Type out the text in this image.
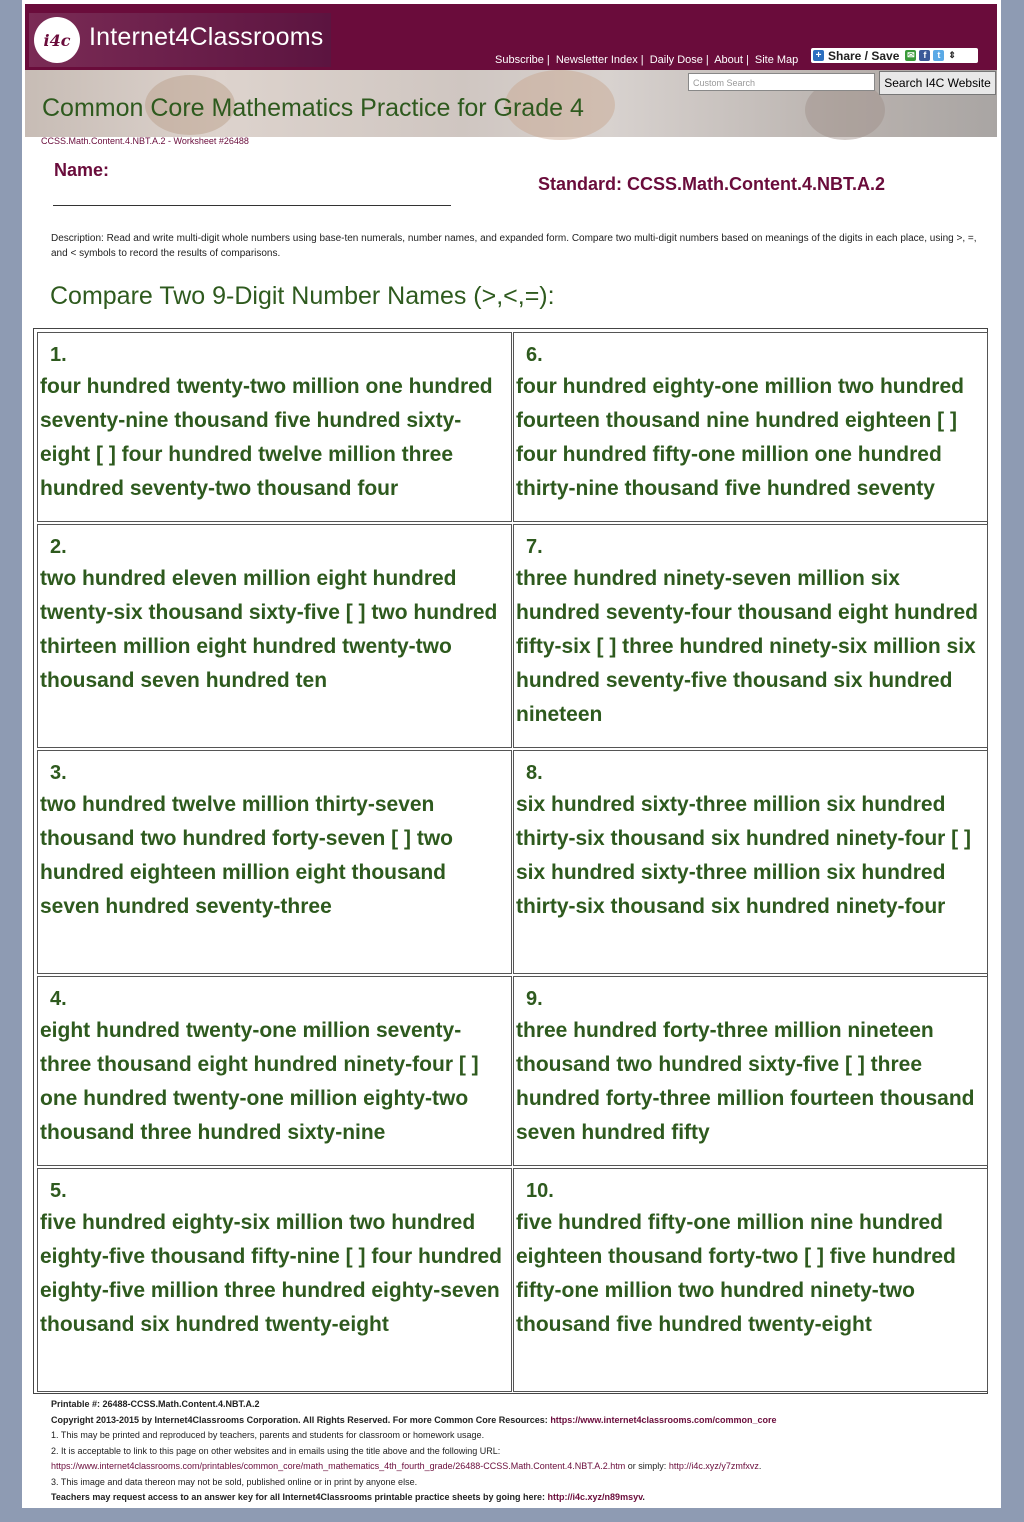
i4c Internet4Classrooms
Subscribe | Newsletter Index | Daily Dose | About | Site Map + Share / Save ✉ f	t ⇕
Custom Search	Search I4C Website
Common Core Mathematics Practice for Grade 4
CCSS.Math.Content.4.NBT.A.2 - Worksheet #26488
Name:
Standard: CCSS.Math.Content.4.NBT.A.2
Description: Read and write multi-digit whole numbers using base-ten numerals, number names, and expanded form. Compare two multi-digit numbers based on meanings of the digits in each place, using >, =, and < symbols to record the results of comparisons.
Compare Two 9-Digit Number Names (>,<,=):
1.
four hundred twenty-two million one hundred seventy-nine thousand five hundred sixty-eight [ ] four hundred twelve million three hundred seventy-two thousand four
6.
four hundred eighty-one million two hundred fourteen thousand nine hundred eighteen [ ] four hundred fifty-one million one hundred thirty-nine thousand five hundred seventy
2.
two hundred eleven million eight hundred twenty-six thousand sixty-five [ ] two hundred thirteen million eight hundred twenty-two thousand seven hundred ten
7.
three hundred ninety-seven million six hundred seventy-four thousand eight hundred fifty-six [ ] three hundred ninety-six million six hundred seventy-five thousand six hundred nineteen
3.
two hundred twelve million thirty-seven thousand two hundred forty-seven [ ] two hundred eighteen million eight thousand seven hundred seventy-three
8.
six hundred sixty-three million six hundred thirty-six thousand six hundred ninety-four [ ] six hundred sixty-three million six hundred thirty-six thousand six hundred ninety-four
4.
eight hundred twenty-one million seventy-three thousand eight hundred ninety-four [ ] one hundred twenty-one million eighty-two thousand three hundred sixty-nine
9.
three hundred forty-three million nineteen thousand two hundred sixty-five [ ] three hundred forty-three million fourteen thousand seven hundred fifty
5.
five hundred eighty-six million two hundred eighty-five thousand fifty-nine [ ] four hundred eighty-five million three hundred eighty-seven thousand six hundred twenty-eight
10.
five hundred fifty-one million nine hundred eighteen thousand forty-two [ ] five hundred fifty-one million two hundred ninety-two thousand five hundred twenty-eight
Printable #: 26488-CCSS.Math.Content.4.NBT.A.2
Copyright 2013-2015 by Internet4Classrooms Corporation. All Rights Reserved. For more Common Core Resources: https://www.internet4classrooms.com/common_core
1. This may be printed and reproduced by teachers, parents and students for classroom or homework usage.
2. It is acceptable to link to this page on other websites and in emails using the title above and the following URL:
https://www.internet4classrooms.com/printables/common_core/math_mathematics_4th_fourth_grade/26488-CCSS.Math.Content.4.NBT.A.2.htm or simply: http://i4c.xyz/y7zmfxvz.
3. This image and data thereon may not be sold, published online or in print by anyone else.
Teachers may request access to an answer key for all Internet4Classrooms printable practice sheets by going here: http://i4c.xyz/n89msyv.
